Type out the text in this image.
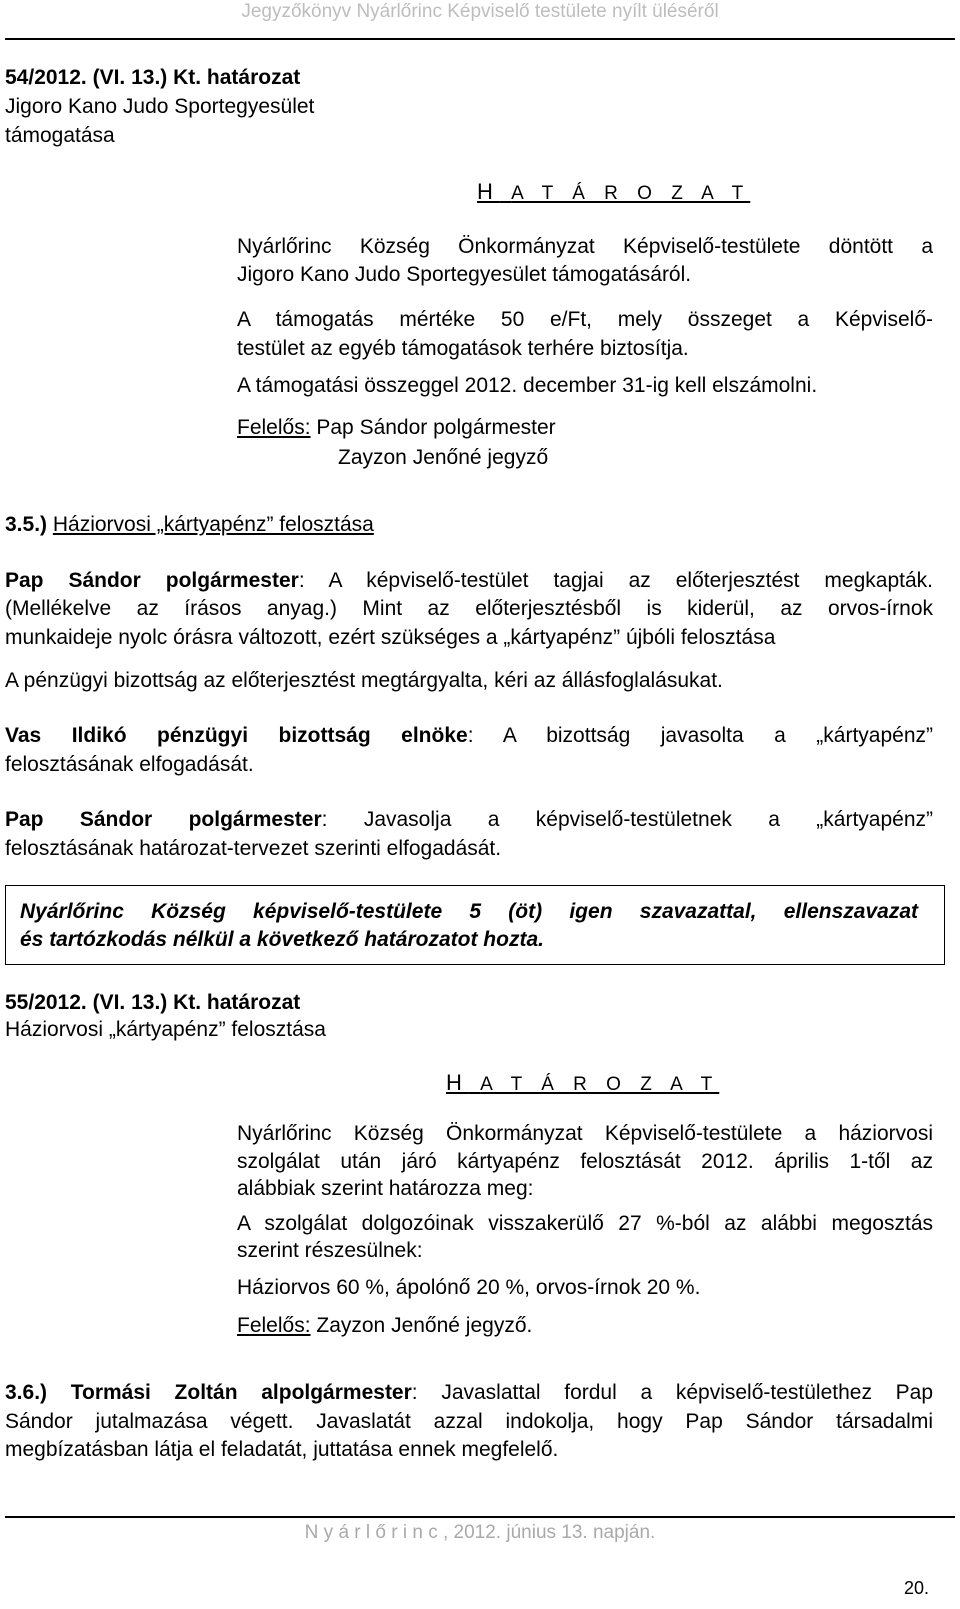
Jegyzőkönyv Nyárlőrinc Képviselő testülete nyílt üléséről
54/2012. (VI. 13.) Kt. határozat
Jigoro Kano Judo Sportegyesület
támogatása
H A T Á R O Z A T
Nyárlőrinc Község Önkormányzat Képviselő-testülete döntött a
Jigoro Kano Judo Sportegyesület támogatásáról.
A támogatás mértéke 50 e/Ft, mely összeget a Képviselő-
testület az egyéb támogatások terhére biztosítja.
A támogatási összeggel 2012. december 31-ig kell elszámolni.
Felelős: Pap Sándor polgármester
Zayzon Jenőné jegyző
3.5.) Háziorvosi „kártyapénz” felosztása
Pap Sándor polgármester: A képviselő-testület tagjai az előterjesztést megkapták.
(Mellékelve az írásos anyag.) Mint az előterjesztésből is kiderül, az orvos-írnok
munkaideje nyolc órásra változott, ezért szükséges a „kártyapénz” újbóli felosztása
A pénzügyi bizottság az előterjesztést megtárgyalta, kéri az állásfoglalásukat.
Vas Ildikó pénzügyi bizottság elnöke: A bizottság javasolta a „kártyapénz”
felosztásának elfogadását.
Pap Sándor polgármester: Javasolja a képviselő-testületnek a „kártyapénz”
felosztásának határozat-tervezet szerinti elfogadását.
Nyárlőrinc Község képviselő-testülete 5 (öt) igen szavazattal, ellenszavazat
és tartózkodás nélkül a következő határozatot hozta.
55/2012. (VI. 13.) Kt. határozat
Háziorvosi „kártyapénz” felosztása
H A T Á R O Z A T
Nyárlőrinc Község Önkormányzat Képviselő-testülete a háziorvosi
szolgálat után járó kártyapénz felosztását 2012. április 1-től az
alábbiak szerint határozza meg:
A szolgálat dolgozóinak visszakerülő 27 %-ból az alábbi megosztás
szerint részesülnek:
Háziorvos 60 %, ápolónő 20 %, orvos-írnok 20 %.
Felelős: Zayzon Jenőné jegyző.
3.6.) Tormási Zoltán alpolgármester: Javaslattal fordul a képviselő-testülethez Pap
Sándor jutalmazása végett. Javaslatát azzal indokolja, hogy Pap Sándor társadalmi
megbízatásban látja el feladatát, juttatása ennek megfelelő.
N y á r l ő r i n c , 2012. június 13. napján.
20.
